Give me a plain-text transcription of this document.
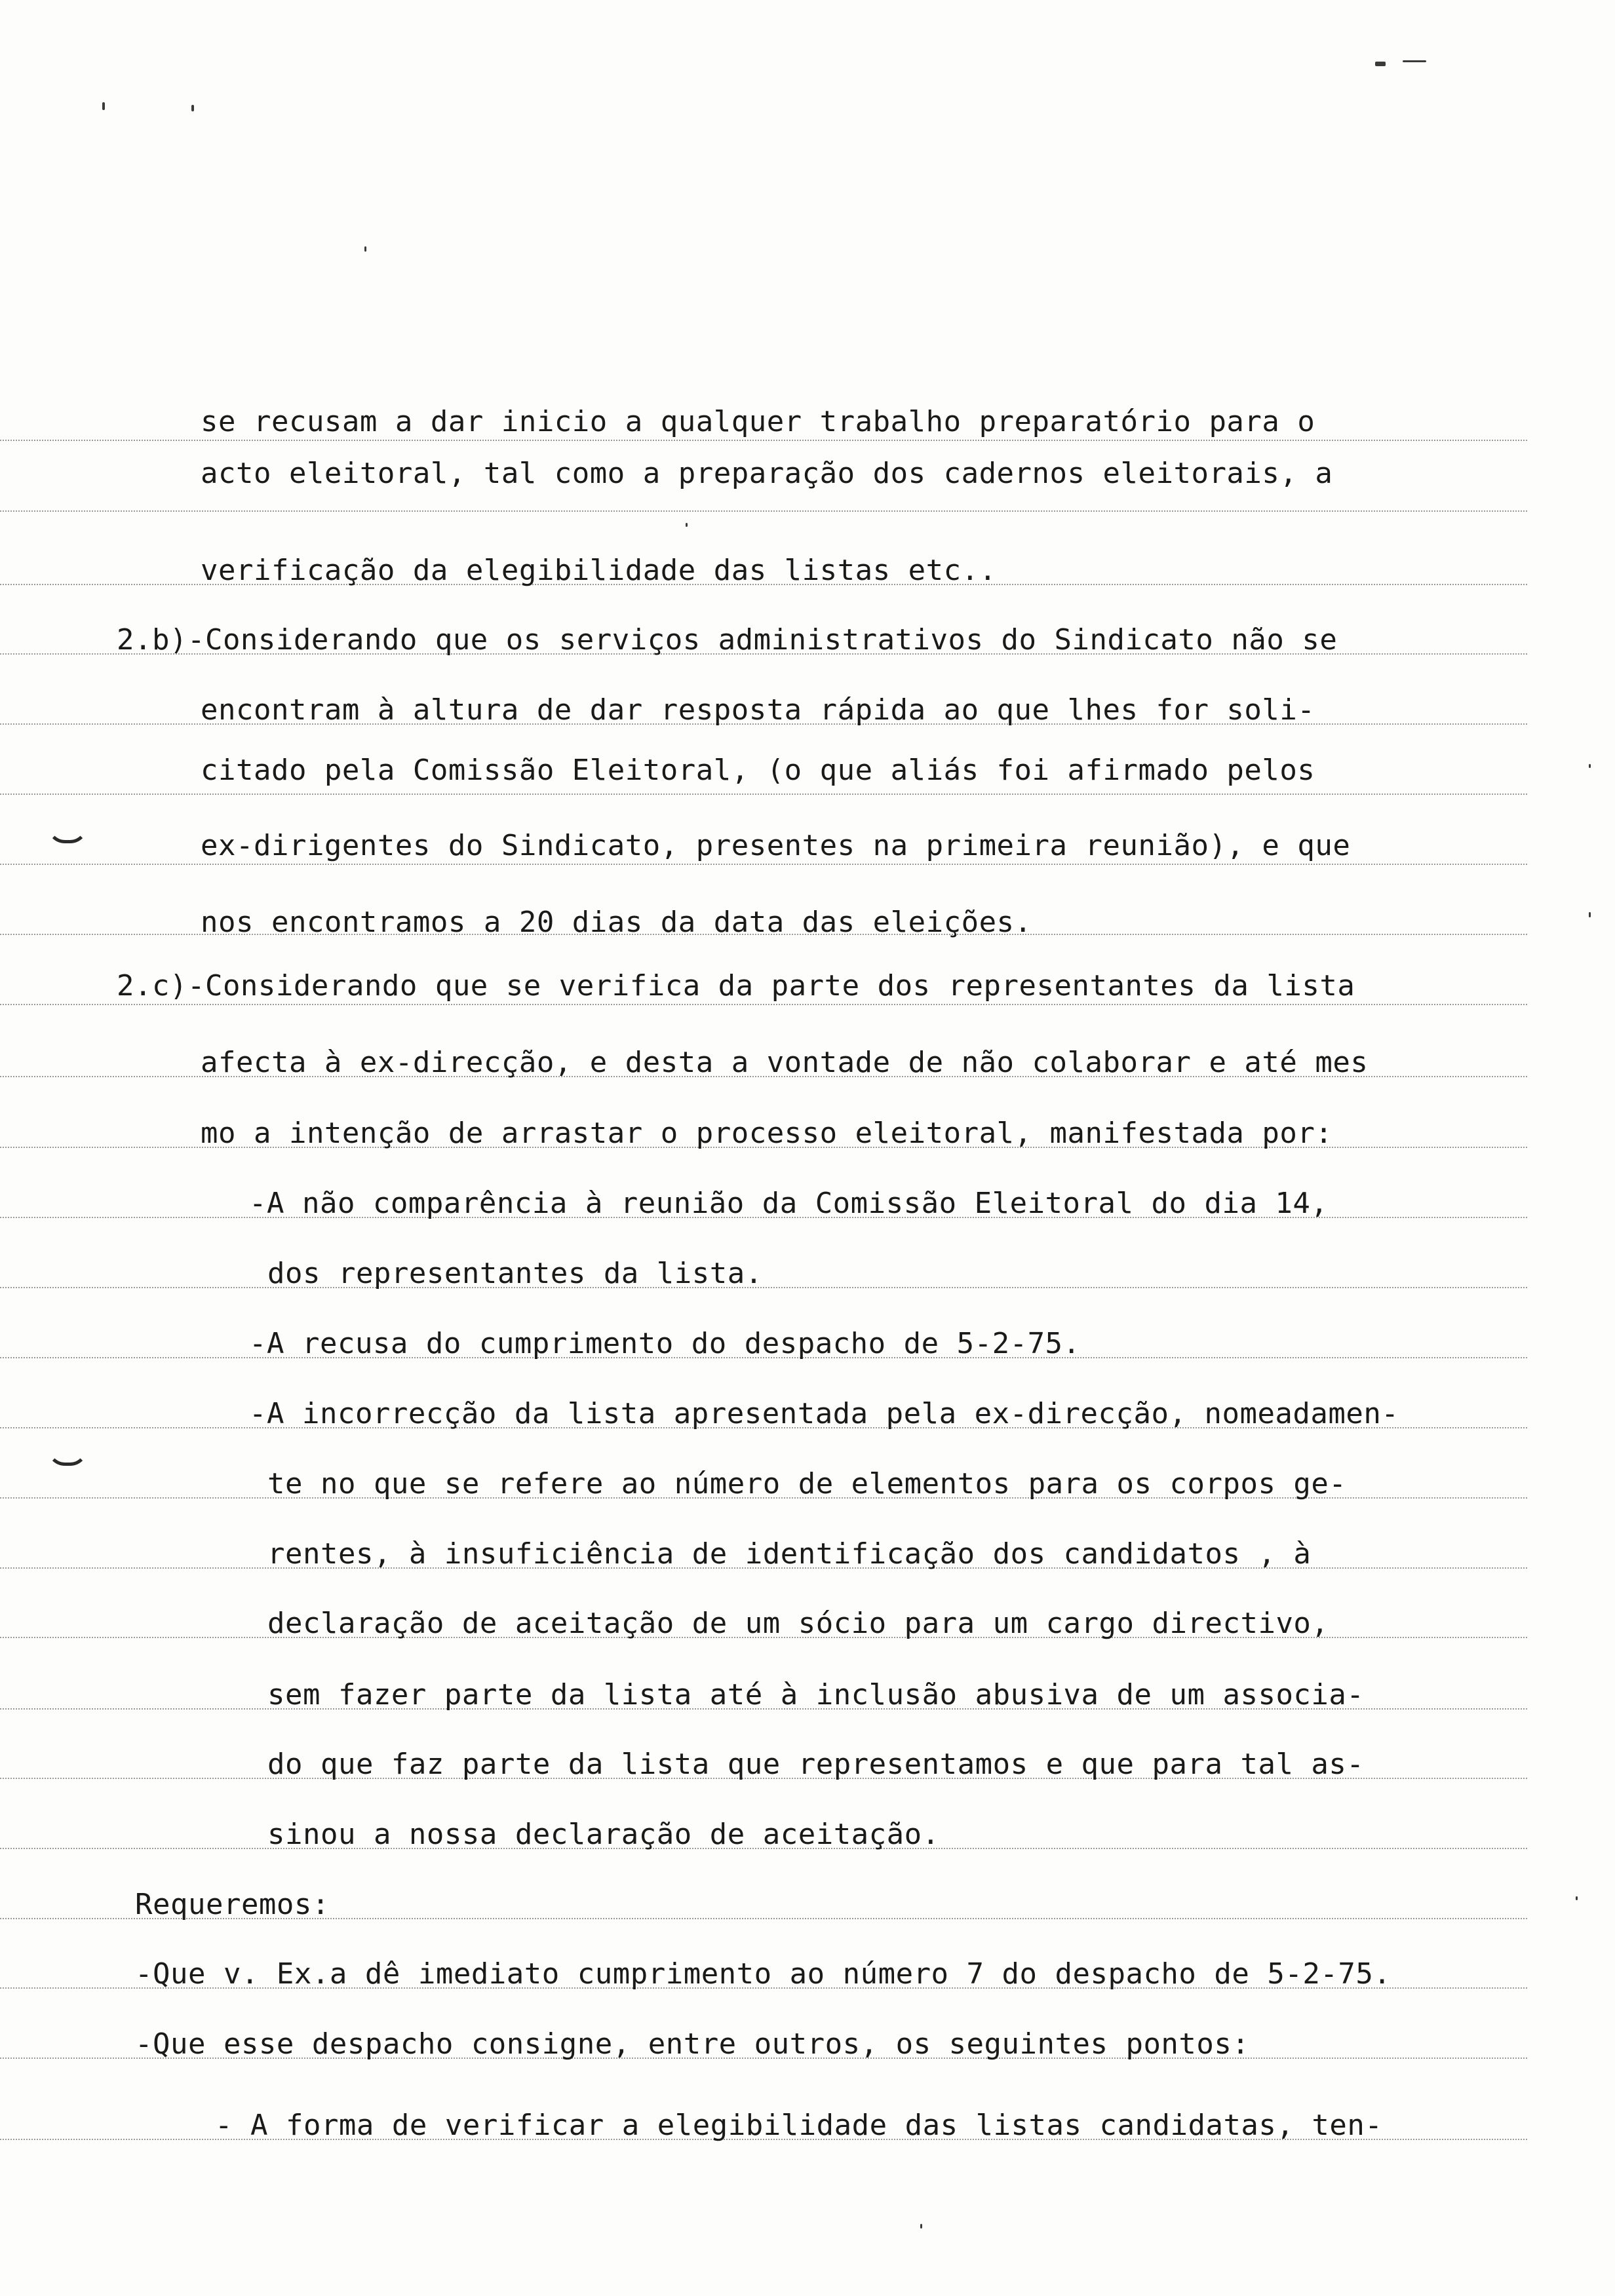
se recusam a dar inicio a qualquer trabalho preparatório para o
acto eleitoral, tal como a preparação dos cadernos eleitorais, a
verificação da elegibilidade das listas etc..
2.b)-Considerando que os serviços administrativos do Sindicato não se
encontram à altura de dar resposta rápida ao que lhes for soli-
citado pela Comissão Eleitoral, (o que aliás foi afirmado pelos
ex-dirigentes do Sindicato, presentes na primeira reunião), e que
nos encontramos a 20 dias da data das eleições.
2.c)-Considerando que se verifica da parte dos representantes da lista
afecta à ex-direcção, e desta a vontade de não colaborar e até mes
mo a intenção de arrastar o processo eleitoral, manifestada por:
-A não comparência à reunião da Comissão Eleitoral do dia 14,
dos representantes da lista.
-A recusa do cumprimento do despacho de 5-2-75.
-A incorrecção da lista apresentada pela ex-direcção, nomeadamen-
te no que se refere ao número de elementos para os corpos ge-
rentes, à insuficiência de identificação dos candidatos , à
declaração de aceitação de um sócio para um cargo directivo,
sem fazer parte da lista até à inclusão abusiva de um associa-
do que faz parte da lista que representamos e que para tal as-
sinou a nossa declaração de aceitação.
Requeremos:
-Que v. Ex.a dê imediato cumprimento ao número 7 do despacho de 5-2-75.
-Que esse despacho consigne, entre outros, os seguintes pontos:
- A forma de verificar a elegibilidade das listas candidatas, ten-
